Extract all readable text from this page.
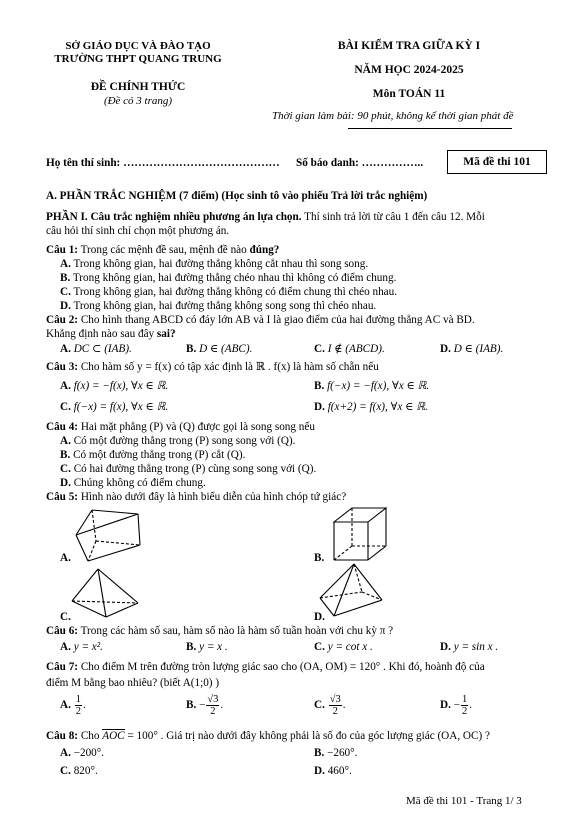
SỞ GIÁO DỤC VÀ ĐÀO TẠO
TRƯỜNG THPT QUANG TRUNG
ĐỀ CHÍNH THỨC
(Đề có 3 trang)
BÀI KIỂM TRA GIỮA KỲ I
NĂM HỌC 2024-2025
Môn TOÁN 11
Thời gian làm bài: 90 phút, không kể thời gian phát đề
Họ tên thí sinh: …………………………………… Số báo danh: ……………..	Mã đề thi 101
A. PHẦN TRẮC NGHIỆM (7 điểm) (Học sinh tô vào phiếu Trả lời trắc nghiệm)
PHẦN I. Câu trắc nghiệm nhiều phương án lựa chọn. Thí sinh trả lời từ câu 1 đến câu 12. Mỗi
câu hỏi thí sinh chỉ chọn một phương án.
Câu 1: Trong các mệnh đề sau, mệnh đề nào đúng?
A. Trong không gian, hai đường thẳng không cắt nhau thì song song.
B. Trong không gian, hai đường thẳng chéo nhau thì không có điểm chung.
C. Trong không gian, hai đường thẳng không có điểm chung thì chéo nhau.
D. Trong không gian, hai đường thẳng không song song thì chéo nhau.
Câu 2: Cho hình thang ABCD có đáy lớn AB và I là giao điểm của hai đường thẳng AC và BD.
Khẳng định nào sau đây sai?
A. DC ⊂ (IAB).	B. D ∈ (ABC).	C. I ∉ (ABCD).	D. D ∈ (IAB).
Câu 3: Cho hàm số y = f(x) có tập xác định là ℝ . f(x) là hàm số chẵn nếu
A. f(x) = −f(x), ∀x ∈ ℝ.	B. f(−x) = −f(x), ∀x ∈ ℝ.
C. f(−x) = f(x), ∀x ∈ ℝ.	D. f(x+2) = f(x), ∀x ∈ ℝ.
Câu 4: Hai mặt phẳng (P) và (Q) được gọi là song song nếu
A. Có một đường thẳng trong (P) song song với (Q).
B. Có một đường thẳng trong (P) cắt (Q).
C. Có hai đường thẳng trong (P) cùng song song với (Q).
D. Chúng không có điểm chung.
Câu 5: Hình nào dưới đây là hình biểu diễn của hình chóp tứ giác?
A.	B.
C.	D.
Câu 6: Trong các hàm số sau, hàm số nào là hàm số tuần hoàn với chu kỳ π ?
A. y = x².	B. y = x .	C. y = cot x .	D. y = sin x .
Câu 7: Cho điểm M trên đường tròn lượng giác sao cho (OA, OM) = 120° . Khi đó, hoành độ của
điểm M bằng bao nhiêu? (biết A(1;0) )
A. $\frac{1}{2}$ .	B. − $\frac{√3}{2}$ .	C. $\frac{√3}{2}$ .	D. − $\frac{1}{2}$ .
Câu 8: Cho AOC = 100° . Giá trị nào dưới đây không phải là số đo của góc lượng giác (OA, OC) ?
A. −200°.	B. −260°.
C. 820°.	D. 460°.
Mã đề thi 101 - Trang 1/ 3
